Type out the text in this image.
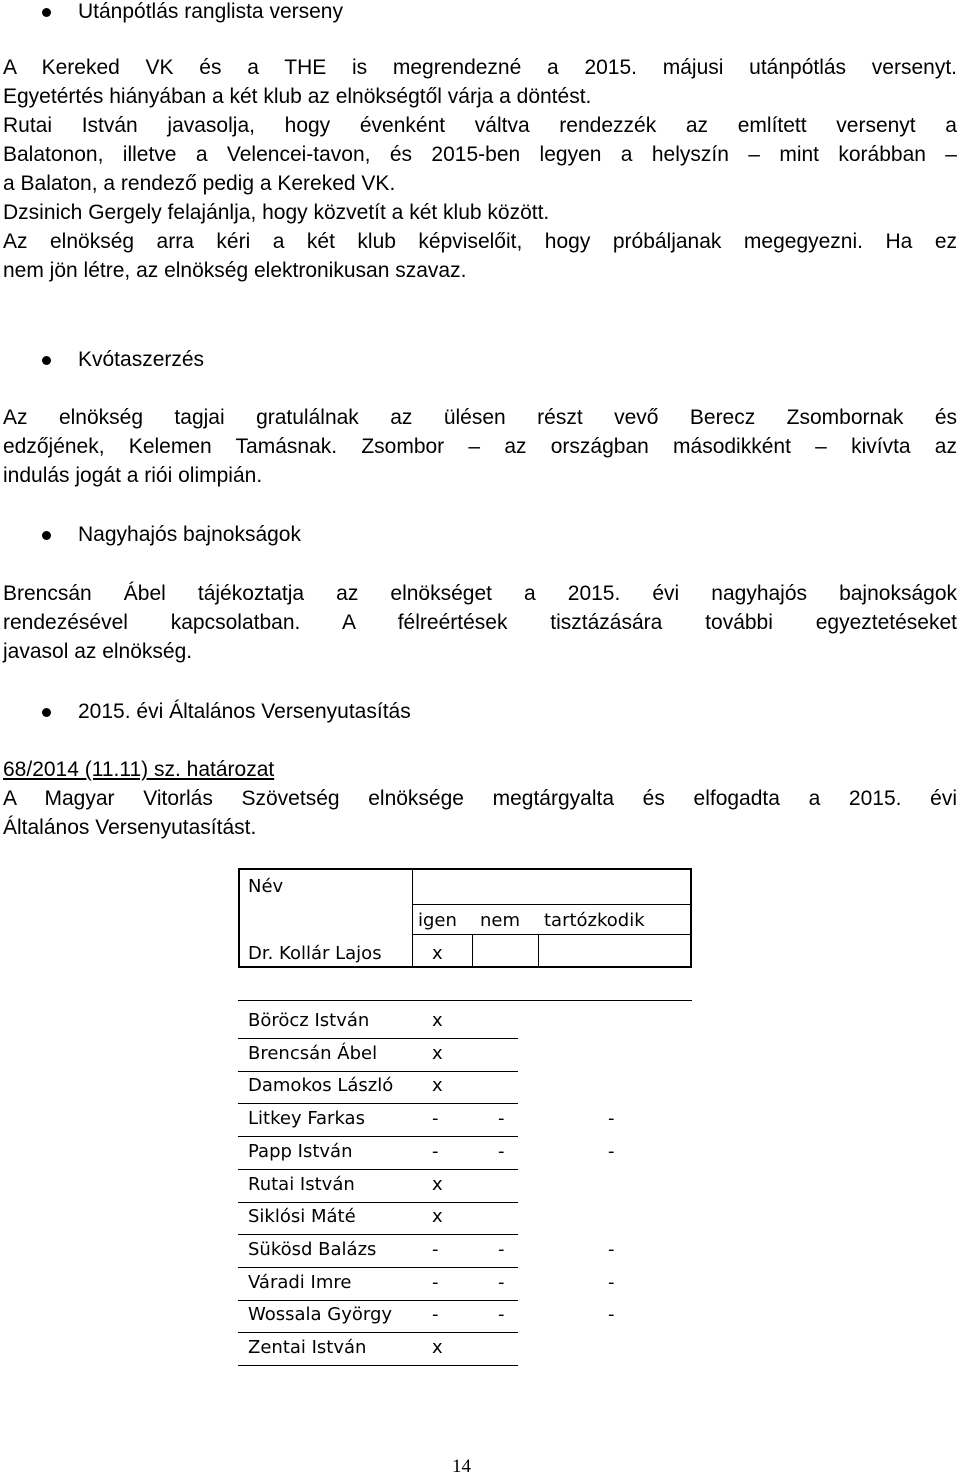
Utánpótlás ranglista verseny
A Kereked VK és a THE is megrendezné a 2015. májusi utánpótlás versenyt.
Egyetértés hiányában a két klub az elnökségtől várja a döntést.
Rutai István javasolja, hogy évenként váltva rendezzék az említett versenyt a
Balatonon, illetve a Velencei-tavon, és 2015-ben legyen a helyszín – mint korábban –
a Balaton, a rendező pedig a Kereked VK.
Dzsinich Gergely felajánlja, hogy közvetít a két klub között.
Az elnökség arra kéri a két klub képviselőit, hogy próbáljanak megegyezni. Ha ez
nem jön létre, az elnökség elektronikusan szavaz.
Kvótaszerzés
Az elnökség tagjai gratulálnak az ülésen részt vevő Berecz Zsombornak és
edzőjének, Kelemen Tamásnak. Zsombor – az országban másodikként – kivívta az
indulás jogát a riói olimpián.
Nagyhajós bajnokságok
Brencsán Ábel tájékoztatja az elnökséget a 2015. évi nagyhajós bajnokságok
rendezésével kapcsolatban. A félreértések tisztázására további egyeztetéseket
javasol az elnökség.
2015. évi Általános Versenyutasítás
68/2014 (11.11) sz. határozat
A Magyar Vitorlás Szövetség elnöksége megtárgyalta és elfogadta a 2015. évi
Általános Versenyutasítást.
Név
igen nem tartózkodik
Dr. Kollár Lajos	x
Böröcz István	x
Brencsán Ábel	x
Damokos László x
Litkey Farkas	-	-	-
Papp István	-	-	-
Rutai István	x
Siklósi Máté	x
Sükösd Balázs	-	-	-
Váradi Imre	-	-	-
Wossala György -	-	-
Zentai István	x
14
